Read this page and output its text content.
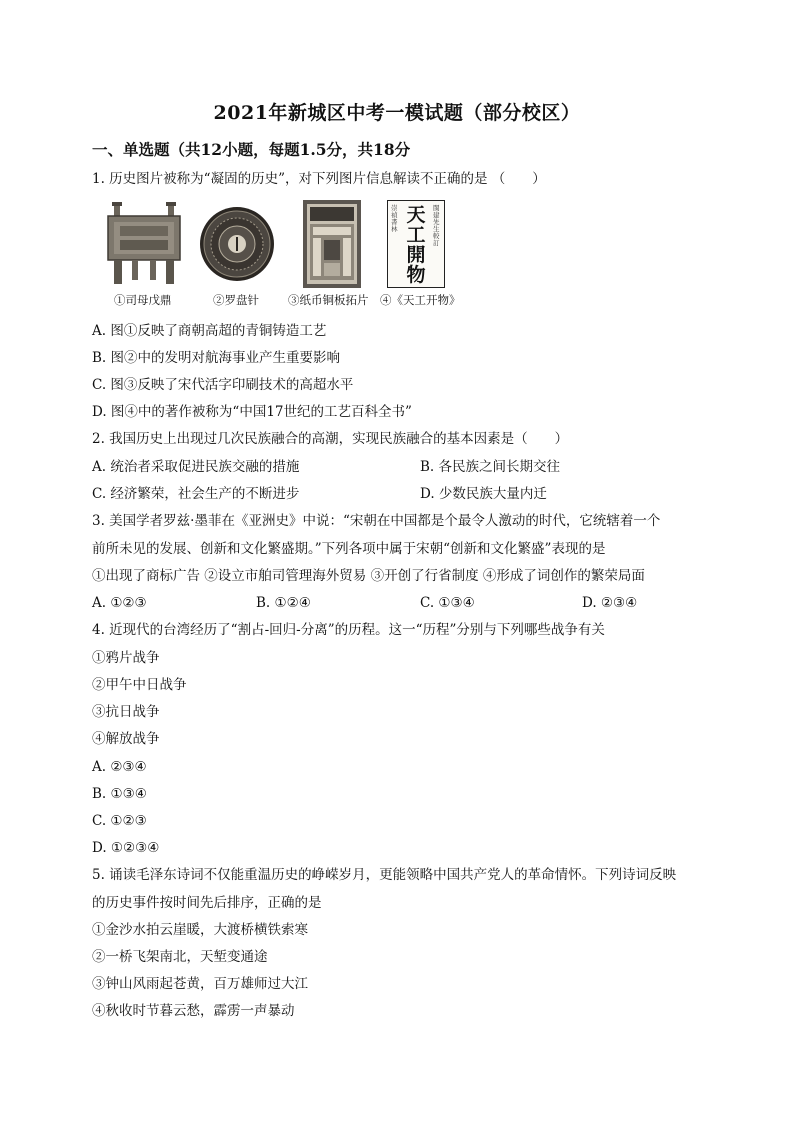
2021年新城区中考一模试题（部分校区）
一、单选题（共12小题，每题1.5分，共18分
1. 历史图片被称为“凝固的历史”，对下列图片信息解读不正确的是 （　　）
崇禎書林
閩建先生較訂
天工開物
①司母戊鼎	②罗盘针	③纸币铜板拓片 ④《天工开物》
A. 图①反映了商朝高超的青铜铸造工艺
B. 图②中的发明对航海事业产生重要影响
C. 图③反映了宋代活字印刷技术的高超水平
D. 图④中的著作被称为“中国17世纪的工艺百科全书”
2. 我国历史上出现过几次民族融合的高潮，实现民族融合的基本因素是（　　）
A. 统治者采取促进民族交融的措施	B. 各民族之间长期交往
C. 经济繁荣，社会生产的不断进步	D. 少数民族大量内迁
3. 美国学者罗兹·墨菲在《亚洲史》中说：“宋朝在中国都是个最令人激动的时代，它统辖着一个
前所未见的发展、创新和文化繁盛期。”下列各项中属于宋朝“创新和文化繁盛”表现的是
①出现了商标广告 ②设立市舶司管理海外贸易 ③开创了行省制度 ④形成了词创作的繁荣局面
A. ①②③	B. ①②④	C. ①③④	D. ②③④
4. 近现代的台湾经历了“割占-回归-分离”的历程。这一“历程”分别与下列哪些战争有关
①鸦片战争
②甲午中日战争
③抗日战争
④解放战争
A. ②③④
B. ①③④
C. ①②③
D. ①②③④
5. 诵读毛泽东诗词不仅能重温历史的峥嵘岁月，更能领略中国共产党人的革命情怀。下列诗词反映
的历史事件按时间先后排序，正确的是
①金沙水拍云崖暖，大渡桥横铁索寒
②一桥飞架南北，天堑变通途
③钟山风雨起苍黄，百万雄师过大江
④秋收时节暮云愁，霹雳一声暴动
